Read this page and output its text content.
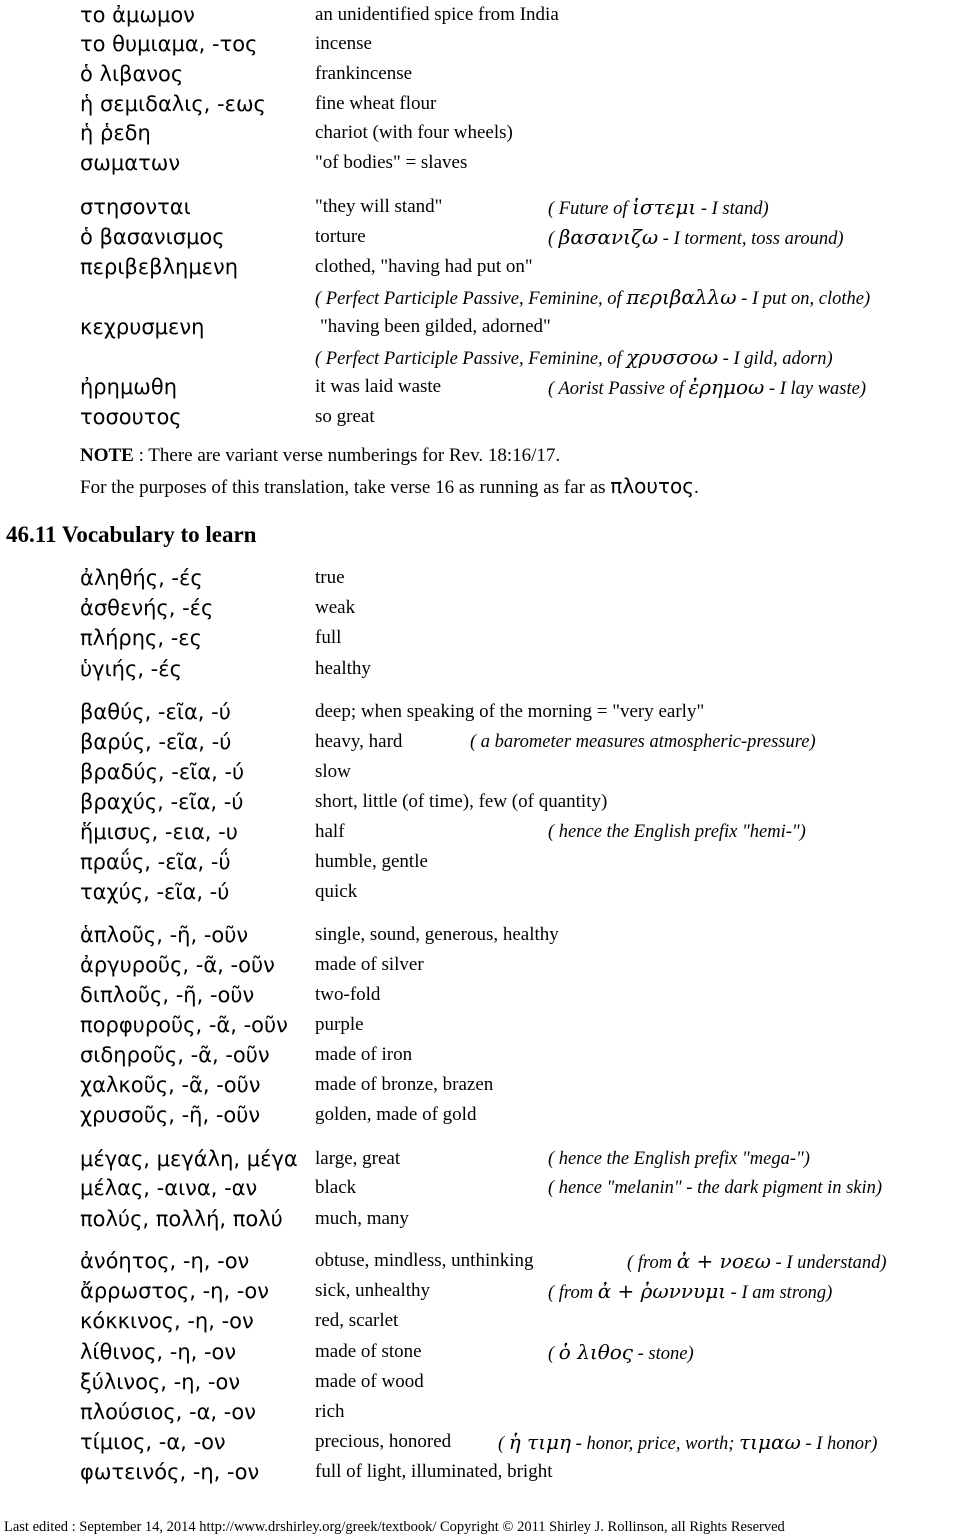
το ἀμωμον	an unidentified spice from India
το θυμιαμα, -τος	incense
ὁ λιβανος	frankincense
ἡ σεμιδαλις, -εως	fine wheat flour
ἡ ῥεδη	chariot (with four wheels)
σωματων	"of bodies" = slaves
στησονται	"they will stand"	( Future of ἱστεμι - I stand)
ὁ βασανισμος	torture	( βασανιζω - I torment, toss around)
περιβεβλημενη	clothed, "having had put on"
( Perfect Participle Passive, Feminine, of περιβαλλω - I put on, clothe)
κεχρυσμενη	"having been gilded, adorned"
( Perfect Participle Passive, Feminine, of χρυσσοω - I gild, adorn)
ἠρημωθη	it was laid waste	( Aorist Passive of ἐρημοω - I lay waste)
τοσουτος	so great
NOTE : There are variant verse numberings for Rev. 18:16/17.
For the purposes of this translation, take verse 16 as running as far as πλουτος.
46.11 Vocabulary to learn
ἀληθής, -ές	true
ἀσθενής, -ές	weak
πλήρης, -ες	full
ὑγιής, -ές	healthy
βαθύς, -εῖα, -ύ	deep; when speaking of the morning = "very early"
βαρύς, -εῖα, -ύ	heavy, hard	( a barometer measures atmospheric-pressure)
βραδύς, -εῖα, -ύ	slow
βραχύς, -εῖα, -ύ	short, little (of time), few (of quantity)
ἥμισυς, -εια, -υ	half	( hence the English prefix "hemi-")
πραΰς, -εῖα, -ΰ	humble, gentle
ταχύς, -εῖα, -ύ	quick
ἁπλοῦς, -ῆ, -οῦν	single, sound, generous, healthy
ἀργυροῦς, -ᾶ, -οῦν made of silver
διπλοῦς, -ῆ, -οῦν	two-fold
πορφυροῦς, -ᾶ, -οῦν purple
σιδηροῦς, -ᾶ, -οῦν made of iron
χαλκοῦς, -ᾶ, -οῦν	made of bronze, brazen
χρυσοῦς, -ῆ, -οῦν	golden, made of gold
μέγας, μεγάλη, μέγα large, great	( hence the English prefix "mega-")
μέλας, -αινα, -αν	black	( hence "melanin" - the dark pigment in skin)
πολύς, πολλή, πολύ much, many
ἀνόητος, -η, -ον	obtuse, mindless, unthinking	( from ἀ + νοεω - I understand)
ἄρρωστος, -η, -ον sick, unhealthy	( from ἀ + ῥωννυμι - I am strong)
κόκκινος, -η, -ον	red, scarlet
λίθινος, -η, -ον	made of stone	( ὁ λιθος - stone)
ξύλινος, -η, -ον	made of wood
πλούσιος, -α, -ον	rich
τίμιος, -α, -ον	precious, honored	( ἡ τιμη - honor, price, worth; τιμαω - I honor)
φωτεινός, -η, -ον	full of light, illuminated, bright
Last edited : September 14, 2014 http://www.drshirley.org/greek/textbook/ Copyright © 2011 Shirley J. Rollinson, all Rights Reserved
